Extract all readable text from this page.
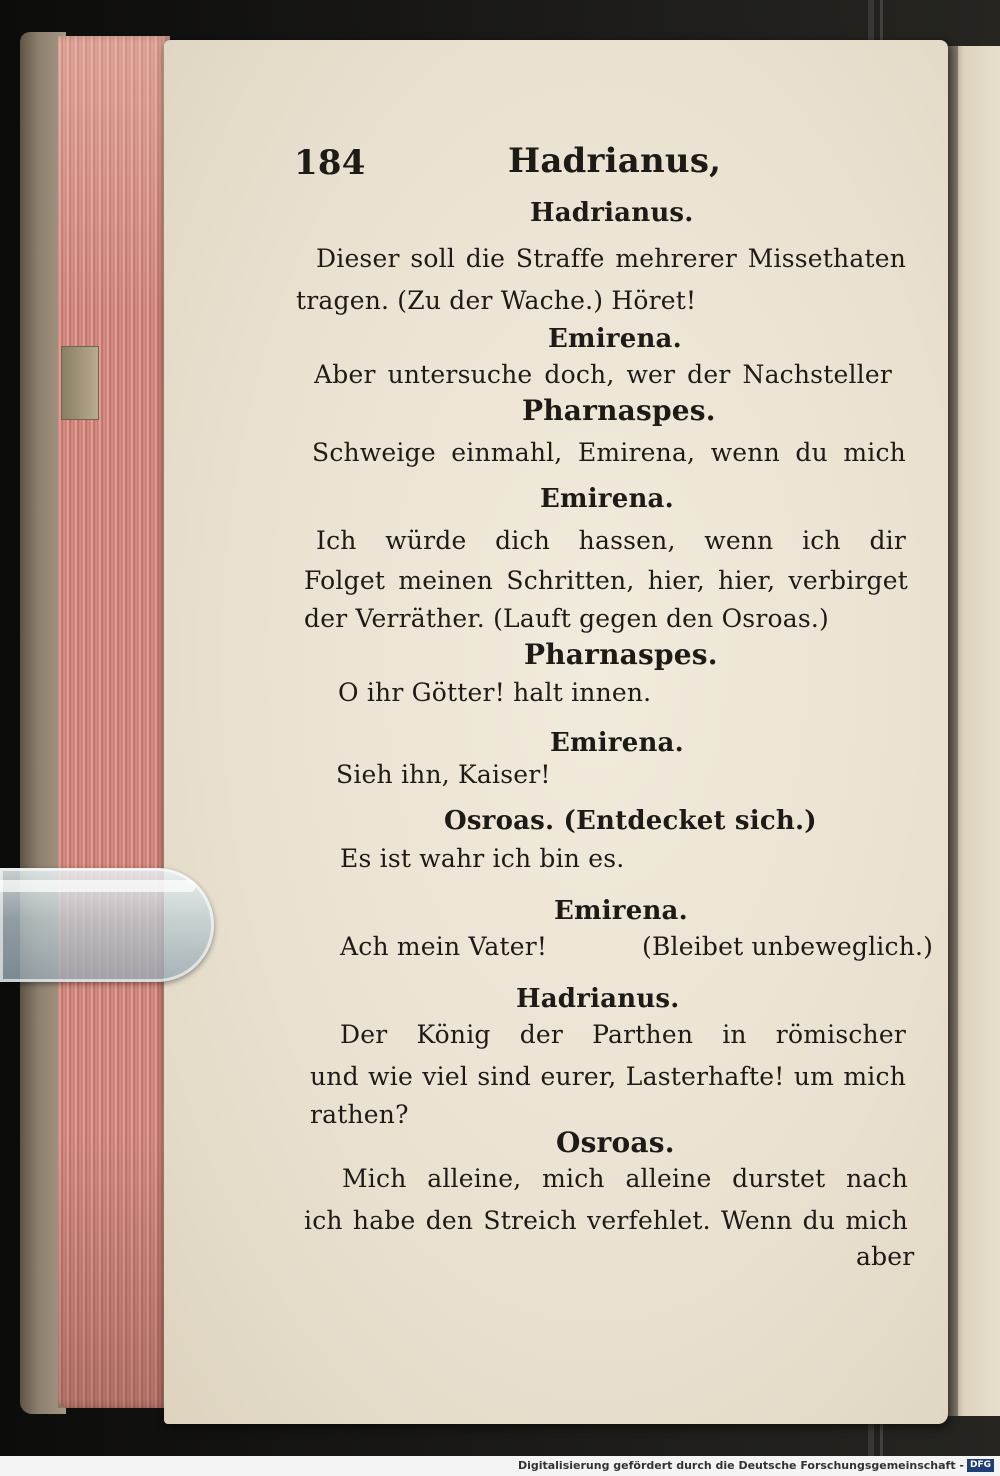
184	Hadrianus,
Hadrianus.
Dieser soll die Straffe mehrerer Missethaten
tragen. (Zu der Wache.) Höret!
Emirena.
Aber untersuche doch, wer der Nachsteller
Pharnaspes.
Schweige einmahl, Emirena, wenn du mich
Emirena.
Ich würde dich hassen, wenn ich dir
Folget meinen Schritten, hier, hier, verbirget
der Verräther. (Lauft gegen den Osroas.)
Pharnaspes.
O ihr Götter! halt innen.
Emirena.
Sieh ihn, Kaiser!
Osroas. (Entdecket sich.)
Es ist wahr ich bin es.
Emirena.
Ach mein Vater!	(Bleibet unbeweglich.)
Hadrianus.
Der König der Parthen in römischer
und wie viel sind eurer, Lasterhafte! um mich
rathen?
Osroas.
Mich alleine, mich alleine durstet nach
ich habe den Streich verfehlet. Wenn du mich
aber
Digitalisierung gefördert durch die Deutsche Forschungsgemeinschaft - DFG
